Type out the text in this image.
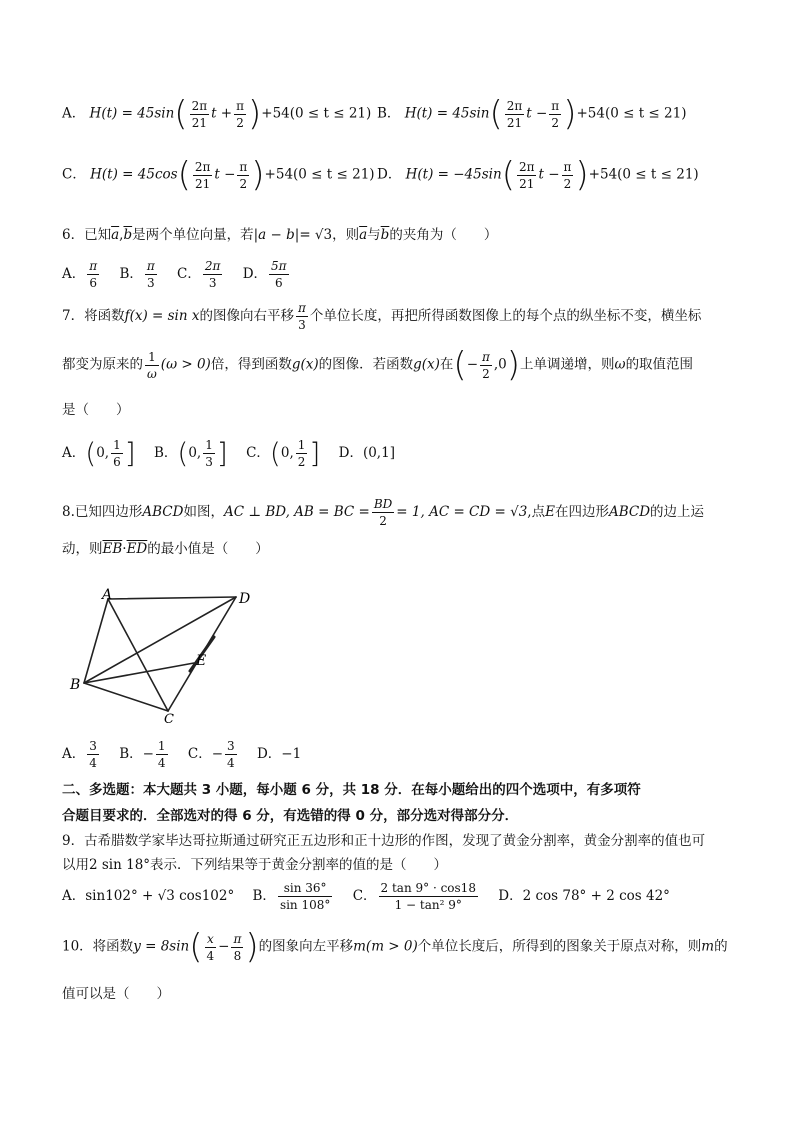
A． $H(t) = 45\sin( \frac{2\pi}{21}$ $t + \frac{\pi}{2} )+54(0 \le t \le 21)$ B． $H(t) = 45\sin( \frac{2\pi}{21}$ $t - \frac{\pi}{2} )+54(0 \le t \le 21)$
C． $H(t) = 45\cos( \frac{2\pi}{21}$ $t - \frac{\pi}{2} )+54(0 \le t \le 21)$ D． $H(t) = -45\sin( \frac{2\pi}{21}$ $t - \frac{\pi}{2} )+54(0 \le t \le 21)$
6．已知$\overline{a},\overline{b}$是两个单位向量，若|a − b|= √3，则$\overline{a}$与$\overline{b}$的夹角为（　　）
A． $\frac{\pi}{6}$ B． $\frac{\pi}{3}$ C． $\frac{2\pi}{3}$ D． $\frac{5\pi}{6}$
7．将函数f(x) = sin x的图像向右平移 $\frac{\pi}{3}$ 个单位长度，再把所得函数图像上的每个点的纵坐标不变，横坐标
都变为原来的 $\frac{1}{\omega} (\omega > 0)$倍，得到函数g(x)的图像．若函数g(x)在(− $\frac{\pi}{2} ,0$)上单调递增，则ω的取值范围
是（　　）
A．(0, $\frac{1}{6}$ ] B．(0, $\frac{1}{3}$ ] C．(0, $\frac{1}{2}$ ] D．(0,1]
8.已知四边形ABCD如图，AC ⊥ BD, AB = BC = $\frac{BD}{2} = 1$, AC = CD = √3,点E在四边形ABCD的边上运
动，则$\overline{EB}\cdot\overline{ED}$的最小值是（　　）
A	D
B
C
E
A． $\frac{3}{4}$ B．− $\frac{1}{4}$ C．− $\frac{3}{4}$ D．−1
二、多选题：本大题共 3 小题，每小题 6 分，共 18 分．在每小题给出的四个选项中，有多项符
合题目要求的．全部选对的得 6 分，有选错的得 0 分，部分选对得部分分．
9．古希腊数学家毕达哥拉斯通过研究正五边形和正十边形的作图，发现了黄金分割率，黄金分割率的值也可
以用2 sin 18°表示．下列结果等于黄金分割率的值的是（　　）
A．sin102° + √3 cos102° B． $\frac{\sin 36^\circ}{\sin 108^\circ}$ C． $\frac{2 \tan 9^\circ \cdot \cos 18}{\text{1 − tan² 9°}}$ D．2 cos 78° + 2 cos 42°
10．将函数$y = 8\sin( \frac{x}{4} - \frac{\pi}{8}$ )的图象向左平移m(m > 0)个单位长度后，所得到的图象关于原点对称，则m的
值可以是（　　）
